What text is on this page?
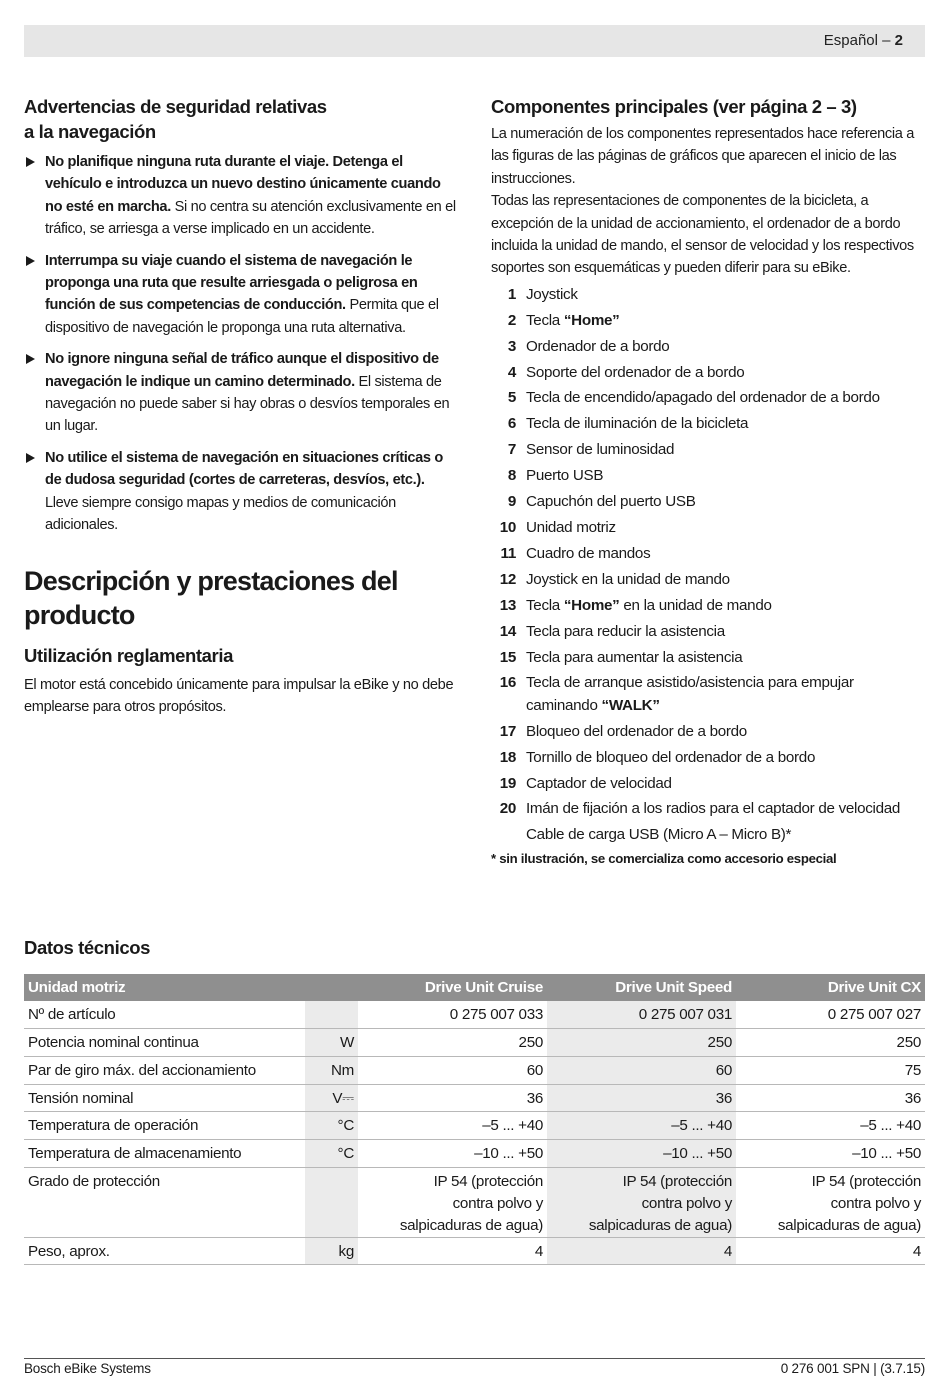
Español – 2
Advertencias de seguridad relativas
a la navegación
No planifique ninguna ruta durante el viaje. Detenga el vehículo e introduzca un nuevo destino únicamente cuando no esté en marcha. Si no centra su atención exclusivamente en el tráfico, se arriesga a verse implicado en un accidente.
Interrumpa su viaje cuando el sistema de navegación le proponga una ruta que resulte arriesgada o peligrosa en función de sus competencias de conducción. Permita que el dispositivo de navegación le proponga una ruta alternativa.
No ignore ninguna señal de tráfico aunque el dispositivo de navegación le indique un camino determinado. El sistema de navegación no puede saber si hay obras o desvíos temporales en un lugar.
No utilice el sistema de navegación en situaciones críticas o de dudosa seguridad (cortes de carreteras, desvíos, etc.). Lleve siempre consigo mapas y medios de comunicación adicionales.
Descripción y prestaciones del
producto
Utilización reglamentaria

El motor está concebido únicamente para impulsar la eBike y no debe emplearse para otros propósitos.

Componentes principales (ver página 2 – 3)

La numeración de los componentes representados hace referencia a las figuras de las páginas de gráficos que aparecen el inicio de las instrucciones.

Todas las representaciones de componentes de la bicicleta, a excepción de la unidad de accionamiento, el ordenador de a bordo incluida la unidad de mando, el sensor de velocidad y los respectivos soportes son esquemáticas y pueden diferir para su eBike.

1 Joystick
2 Tecla “Home”
3 Ordenador de a bordo
4 Soporte del ordenador de a bordo
5 Tecla de encendido/apagado del ordenador de a bordo
6 Tecla de iluminación de la bicicleta
7 Sensor de luminosidad
8 Puerto USB
9 Capuchón del puerto USB
10 Unidad motriz
11 Cuadro de mandos
12 Joystick en la unidad de mando
13 Tecla “Home” en la unidad de mando
14 Tecla para reducir la asistencia
15 Tecla para aumentar la asistencia
16 Tecla de arranque asistido/asistencia para empujar caminando “WALK”
17 Bloqueo del ordenador de a bordo
18 Tornillo de bloqueo del ordenador de a bordo
19 Captador de velocidad
20 Imán de fijación a los radios para el captador de velocidad
Cable de carga USB (Micro A – Micro B)*

* sin ilustración, se comercializa como accesorio especial

Datos técnicos
Unidad motriz		Drive Unit Cruise	Drive Unit Speed	Drive Unit CX
Nº de artículo		0 275 007 033	0 275 007 031	0 275 007 027
Potencia nominal continua	W	250	250	250
Par de giro máx. del accionamiento	Nm	60	60	75
Tensión nominal	V⎓	36	36	36
Temperatura de operación	°C	–5 ... +40	–5 ... +40	–5 ... +40
Temperatura de almacenamiento	°C	–10 ... +50	–10 ... +50	–10 ... +50
Grado de protección		IP 54 (protección contra polvo y salpicaduras de agua)	IP 54 (protección contra polvo y salpicaduras de agua)	IP 54 (protección contra polvo y salpicaduras de agua)
Peso, aprox.	kg	4	4	4
Bosch eBike Systems	0 276 001 SPN | (3.7.15)
